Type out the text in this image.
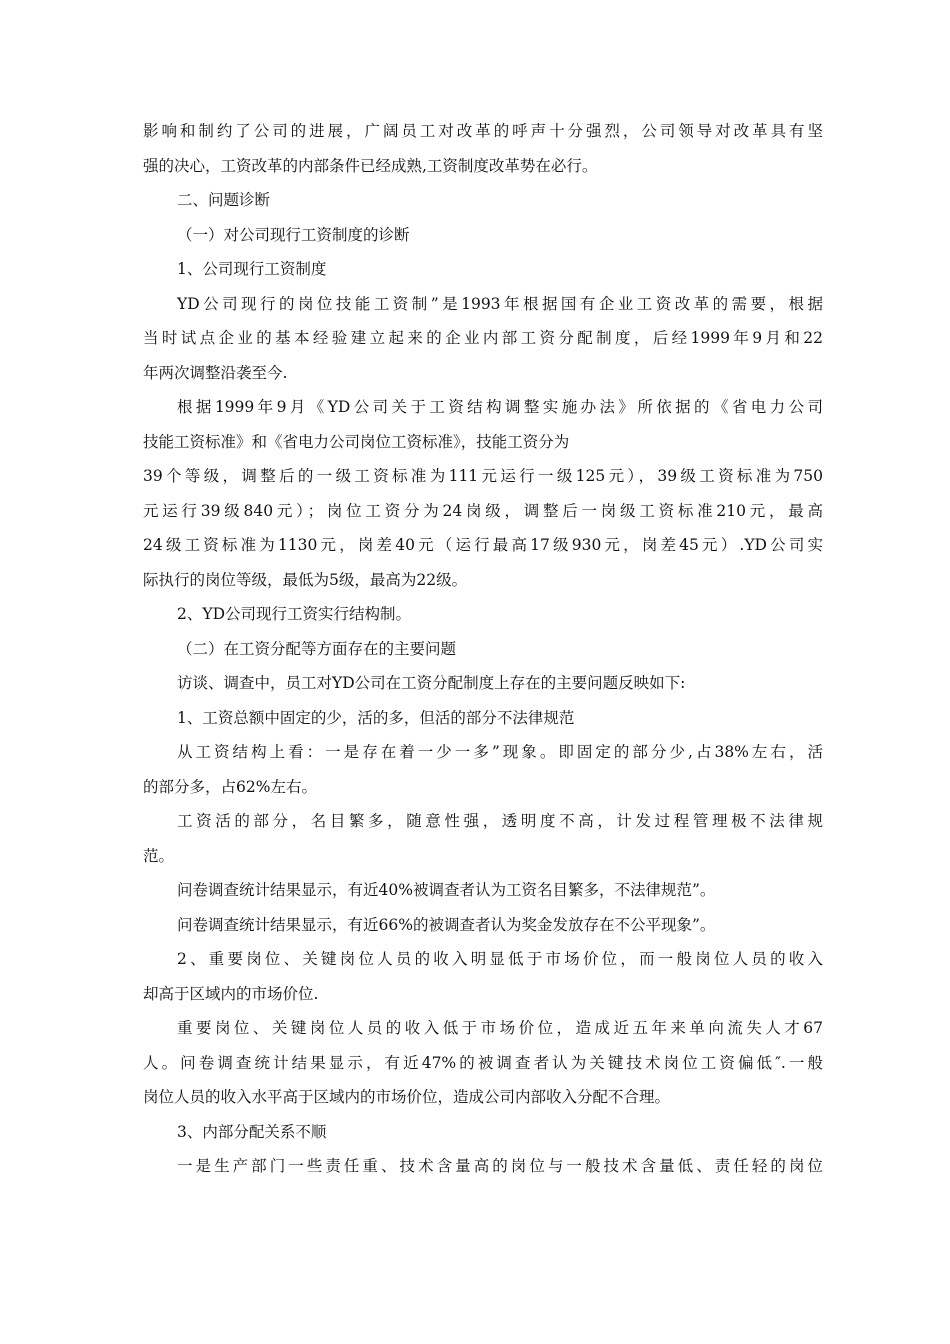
影响和制约了公司的进展，广阔员工对改革的呼声十分强烈，公司领导对改革具有坚
强的决心，工资改革的内部条件已经成熟,工资制度改革势在必行。
二、问题诊断
（一）对公司现行工资制度的诊断
1、公司现行工资制度
YD公司现行的岗位技能工资制”是1993年根据国有企业工资改革的需要，根据
当时试点企业的基本经验建立起来的企业内部工资分配制度，后经1999年9月和22
年两次调整沿袭至今.
根据1999年9月《YD公司关于工资结构调整实施办法》所依据的《省电力公司
技能工资标准》和《省电力公司岗位工资标准》，技能工资分为
39个等级，调整后的一级工资标准为111元运行一级125元），39级工资标准为750
元运行39级840元）；岗位工资分为24岗级，调整后一岗级工资标准210元，最高
24级工资标准为1130元，岗差40元（运行最高17级930元，岗差45元）.YD公司实
际执行的岗位等级，最低为5级，最高为22级。
2、YD公司现行工资实行结构制。
（二）在工资分配等方面存在的主要问题
访谈、调查中，员工对YD公司在工资分配制度上存在的主要问题反映如下:
1、工资总额中固定的少，活的多，但活的部分不法律规范
从工资结构上看：一是存在着一少一多”现象。即固定的部分少,占38%左右，活
的部分多，占62%左右。
工资活的部分，名目繁多，随意性强，透明度不高，计发过程管理极不法律规
范。
问卷调查统计结果显示，有近40%被调查者认为工资名目繁多，不法律规范”。
问卷调查统计结果显示，有近66%的被调查者认为奖金发放存在不公平现象”。
2、重要岗位、关键岗位人员的收入明显低于市场价位，而一般岗位人员的收入
却高于区域内的市场价位.
重要岗位、关键岗位人员的收入低于市场价位，造成近五年来单向流失人才67
人。问卷调查统计结果显示，有近47%的被调查者认为关键技术岗位工资偏低″.一般
岗位人员的收入水平高于区域内的市场价位，造成公司内部收入分配不合理。
3、内部分配关系不顺
一是生产部门一些责任重、技术含量高的岗位与一般技术含量低、责任轻的岗位
